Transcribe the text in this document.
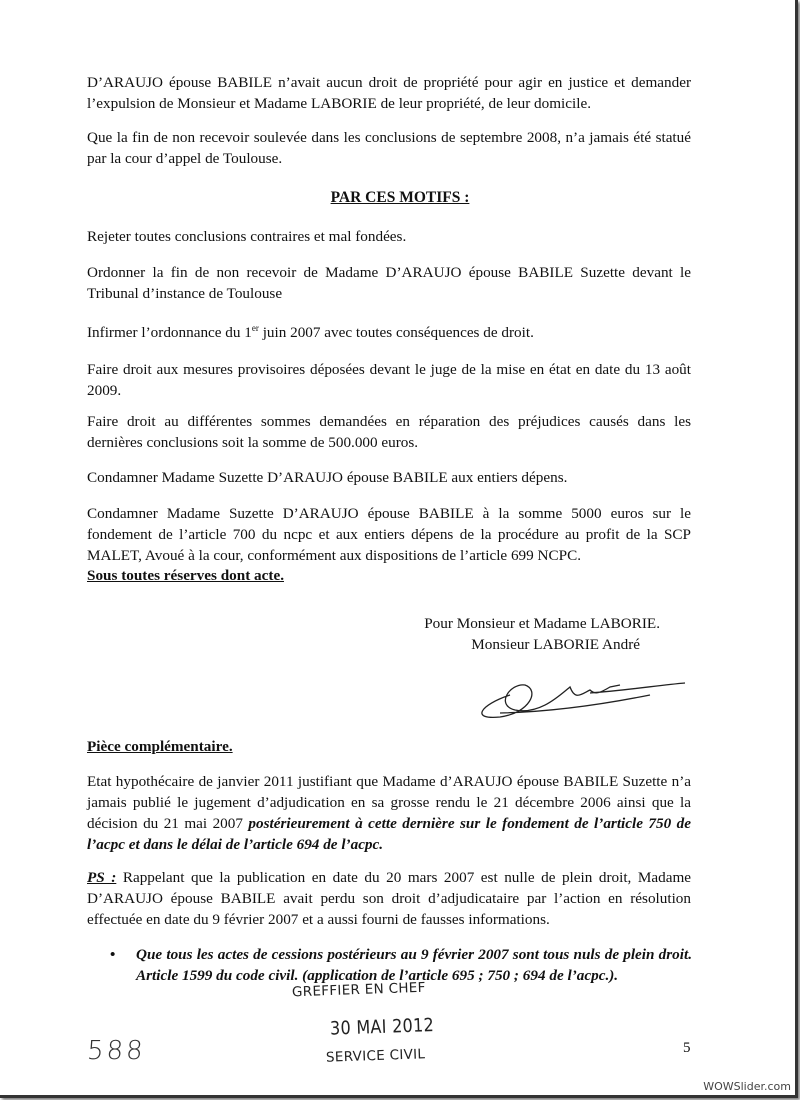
D’ARAUJO épouse BABILE n’avait aucun droit de propriété pour agir en justice et demander l’expulsion de Monsieur et Madame LABORIE de leur propriété, de leur domicile.
Que la fin de non recevoir soulevée dans les conclusions de septembre 2008, n’a jamais été statué par la cour d’appel de Toulouse.
PAR CES MOTIFS :
Rejeter toutes conclusions contraires et mal fondées.
Ordonner la fin de non recevoir de Madame D’ARAUJO épouse BABILE Suzette devant le Tribunal d’instance de Toulouse
Infirmer l’ordonnance du 1er juin 2007 avec toutes conséquences de droit.
Faire droit aux mesures provisoires déposées devant le juge de la mise en état en date du 13 août 2009.
Faire droit au différentes sommes demandées en réparation des préjudices causés dans les dernières conclusions soit la somme de 500.000 euros.
Condamner Madame Suzette D’ARAUJO épouse BABILE aux entiers dépens.
Condamner Madame Suzette D’ARAUJO épouse BABILE à la somme 5000 euros sur le fondement de l’article 700 du ncpc et aux entiers dépens de la procédure au profit de la SCP MALET, Avoué à la cour, conformément aux dispositions de l’article 699 NCPC.
Sous toutes réserves dont acte.
Pour Monsieur et Madame LABORIE.
Monsieur LABORIE André
Pièce complémentaire.
Etat hypothécaire de janvier 2011 justifiant que Madame d’ARAUJO épouse BABILE Suzette n’a jamais publié le jugement d’adjudication en sa grosse rendu le 21 décembre 2006 ainsi que la décision du 21 mai 2007 postérieurement à cette dernière sur le fondement de l’article 750 de l’acpc et dans le délai de l’article 694 de l’acpc.
PS : Rappelant que la publication en date du 20 mars 2007 est nulle de plein droit, Madame D’ARAUJO épouse BABILE avait perdu son droit d’adjudicataire par l’action en résolution effectuée en date du 9 février 2007 et a aussi fourni de fausses informations.
• Que tous les actes de cessions postérieurs au 9 février 2007 sont tous nuls de plein droit. Article 1599 du code civil. (application de l’article 695 ; 750 ; 694 de l’acpc.).
GREFFIER EN CHEF
30 MAI 2012
SERVICE CIVIL
588	5
WOWSlider.com
